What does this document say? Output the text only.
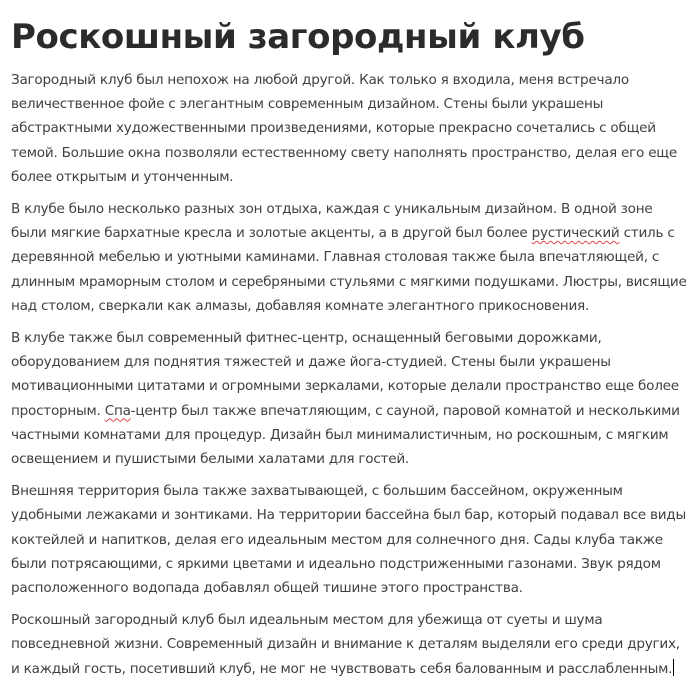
Роскошный загородный клуб

Загородный клуб был непохож на любой другой. Как только я входила, меня встречало величественное фойе с элегантным современным дизайном. Стены были украшены абстрактными художественными произведениями, которые прекрасно сочетались с общей темой. Большие окна позволяли естественному свету наполнять пространство, делая его еще более открытым и утонченным.

В клубе было несколько разных зон отдыха, каждая с уникальным дизайном. В одной зоне были мягкие бархатные кресла и золотые акценты, а в другой был более рустический стиль с деревянной мебелью и уютными каминами. Главная столовая также была впечатляющей, с длинным мраморным столом и серебряными стульями с мягкими подушками. Люстры, висящие над столом, сверкали как алмазы, добавляя комнате элегантного прикосновения.

В клубе также был современный фитнес-центр, оснащенный беговыми дорожками, оборудованием для поднятия тяжестей и даже йога-студией. Стены были украшены мотивационными цитатами и огромными зеркалами, которые делали пространство еще более просторным. Спа-центр был также впечатляющим, с сауной, паровой комнатой и несколькими частными комнатами для процедур. Дизайн был минималистичным, но роскошным, с мягким освещением и пушистыми белыми халатами для гостей.

Внешняя территория была также захватывающей, с большим бассейном, окруженным удобными лежаками и зонтиками. На территории бассейна был бар, который подавал все виды коктейлей и напитков, делая его идеальным местом для солнечного дня. Сады клуба также были потрясающими, с яркими цветами и идеально подстриженными газонами. Звук рядом расположенного водопада добавлял общей тишине этого пространства.

Роскошный загородный клуб был идеальным местом для убежища от суеты и шума повседневной жизни. Современный дизайн и внимание к деталям выделяли его среди других, и каждый гость, посетивший клуб, не мог не чувствовать себя балованным и расслабленным.
